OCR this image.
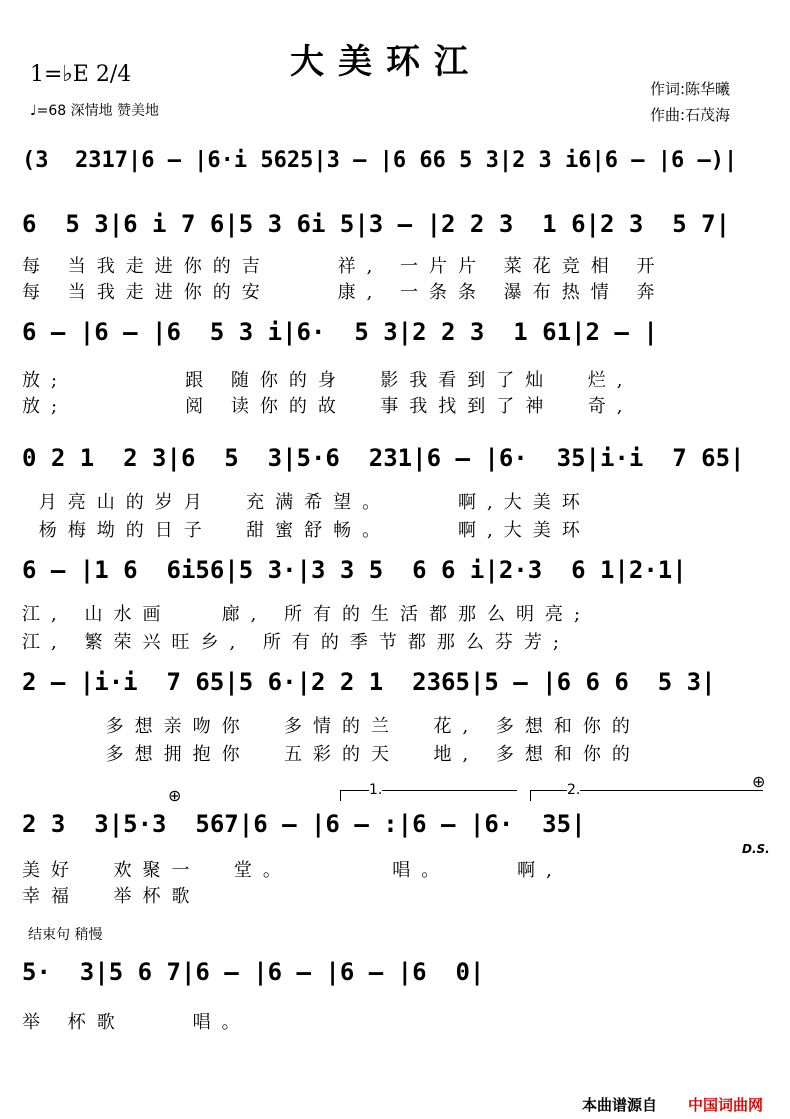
大美环江
1=♭E 2/4
♩=68 深情地 赞美地
作词:陈华曦
作曲:石茂海
(3  2317|6 – |6·i 5625|3 – |6 66 5 3|2 3 i6|6 – |6 –)|
6  5 3|6 i 7 6|5 3 6i 5|3 – |2 2 3  1 6|2 3  5 7|
每 当我走进你的吉    祥, 一片片 菜花竞相 开
每 当我走进你的安    康, 一条条 瀑布热情 奔
6 – |6 – |6  5 3 i|6·  5 3|2 2 3  1 61|2 – |
放;       跟 随你的身  影我看到了灿  烂,
放;       阅 读你的故  事我找到了神  奇,
0 2 1  2 3|6  5  3|5·6  231|6 – |6·  35|i·i  7 65|
月亮山的岁月  充满希望。    啊,大美环
杨梅坳的日子  甜蜜舒畅。    啊,大美环
6 – |1 6  6i56|5 3·|3 3 5  6 6 i|2·3  6 1|2·1|
江, 山水画   廊, 所有的生活都那么明亮;
江, 繁荣兴旺乡, 所有的季节都那么芬芳;
2 – |i·i  7 65|5 6·|2 2 1  2365|5 – |6 6 6  5 3|
多想亲吻你  多情的兰  花, 多想和你的
多想拥抱你  五彩的天  地, 多想和你的
1.	2.
⊕
⊕
2 3  3|5·3  567|6 – |6 – :|6 – |6·  35|
美好  欢聚一  堂。      唱。    啊,
幸福  举杯歌
D.S.
结束句 稍慢
5·  3|5 6 7|6 – |6 – |6 – |6  0|
举 杯歌    唱。
本曲谱源自 中国词曲网
